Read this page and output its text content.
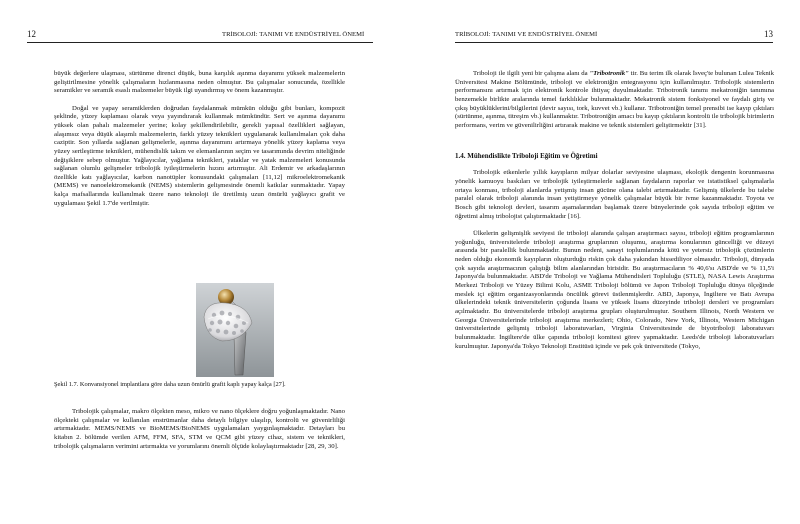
12	TRİBOLOJİ: TANIMI VE ENDÜSTRİYEL ÖNEMİ

büyük değerlere ulaşması, sürtünme direnci düşük, buna karşılık aşınma dayanımı yüksek malzemelerin geliştirilmesine yönelik çalışmaların hızlanmasına neden olmuştur. Bu çalışmalar sonucunda, özellikle seramikler ve seramik esaslı malzemeler büyük ilgi uyandırmış ve önem kazanmıştır.

Doğal ve yapay seramiklerden doğrudan faydalanmak mümkün olduğu gibi bunları, kompozit şeklinde, yüzey kaplaması olarak veya yayındırarak kullanmak mümkündür. Sert ve aşınma dayanımı yüksek olan pahalı malzemeler yerine; kolay şekillendirilebilir, gerekli yapısal özellikleri sağlayan, alaşımsız veya düşük alaşımlı malzemelerin, farklı yüzey teknikleri uygulanarak kullanılmaları çok daha caziptir. Son yıllarda sağlanan gelişmelerle, aşınma dayanımını artırmaya yönelik yüzey kaplama veya yüzey sertleştirme teknikleri, mühendislik takım ve elemanlarının seçim ve tasarımında devrim niteliğinde değişiklere sebep olmuştur. Yağlayıcılar, yağlama teknikleri, yataklar ve yatak malzemeleri konusunda sağlanan olumlu gelişmeler tribolojik iyileştirmelerin hızını artırmıştır. Ali Erdemir ve arkadaşlarının özellikle katı yağlayıcılar, karbon nanotüpler konusundaki çalışmaları [11,12] mikroelektromekanik (MEMS) ve nanoelektromekanik (NEMS) sistemlerin gelişmesinde önemli katkılar sunmaktadır. Yapay kalça mafsallarında kullanılmak üzere nano teknoloji ile üretilmiş uzun ömürlü yağlayıcı grafit ve uygulaması Şekil 1.7'de verilmiştir.

Şekil 1.7. Konvansiyonel implantlara göre daha uzun ömürlü grafit kaplı yapay kalça [27].

Tribolojik çalışmalar, makro ölçekten meso, mikro ve nano ölçeklere doğru yoğunlaşmaktadır. Nano ölçekteki çalışmalar ve kullanılan enstrümanlar daha detaylı bilgiye ulaşılıp, kontrolü ve güvenirliliği artırmaktadır. MEMS/NEMS ve BioMEMS/BioNEMS uygulamaları yaygınlaşmaktadır. Detayları bu kitabın 2. bölümde verilen AFM, FFM, SFA, STM ve QCM gibi yüzey cihaz, sistem ve teknikleri, tribolojik çalışmaların verimini artırmakta ve yorumlarını önemli ölçüde kolaylaştırmaktadır [28, 29, 30].

TRİBOLOJİ: TANIMI VE ENDÜSTRİYEL ÖNEMİ	13

Triboloji ile ilgili yeni bir çalışma alanı da "Tribotronik" tir. Bu terim ilk olarak İsveç'te bulunan Lulea Teknik Üniversitesi Makine Bölümünde, triboloji ve elektroniğin entegrasyonu için kullanılmıştır. Tribolojik sistemlerin performansını artırmak için elektronik kontrole ihtiyaç duyulmaktadır. Tribotronik tanımı mekatroniğin tanımına benzemekle birlikte aralarında temel farklılıklar bulunmaktadır. Mekatronik sistem fonksiyonel ve faydalı giriş ve çıkış büyüklüklerini/bilgilerini (devir sayısı, tork, kuvvet vb.) kullanır. Tribotroniğin temel prensibi ise kayıp çıktıları (sürtünme, aşınma, titreşim vb.) kullanmaktır. Tribotroniğin amacı bu kayıp çıktıların kontrolü ile tribolojik birimlerin performans, verim ve güvenilirliğini artırarak makine ve teknik sistemleri geliştirmektir [31].

1.4. Mühendislikte Triboloji Eğitim ve Öğretimi

Tribolojik etkenlerle yıllık kayıpların milyar dolarlar seviyesine ulaşması, ekolojik dengenin korunmasına yönelik kamuoyu baskıları ve tribolojik iyileştirmelerle sağlanan faydaların raporlar ve istatistiksel çalışmalarla ortaya konması, triboloji alanlarda yetişmiş insan gücüne olana talebi artırmaktadır. Gelişmiş ülkelerde bu talebe paralel olarak triboloji alanında insan yetiştirmeye yönelik çalışmalar büyük bir ivme kazanmaktadır. Toyota ve Bosch gibi teknoloji devleri, tasarım aşamalarından başlamak üzere bünyelerinde çok sayıda triboloji eğitim ve öğretimi almış tribolojist çalıştırmaktadır [16].

Ülkelerin gelişmişlik seviyesi ile triboloji alanında çalışan araştırmacı sayısı, triboloji eğitim programlarının yoğunluğu, üniversitelerde triboloji araştırma gruplarının oluşumu, araştırma konularının güncelliği ve düzeyi arasında bir paralellik bulunmaktadır. Bunun nedeni, sanayi toplumlarında kötü ve yetersiz tribolojik çözümlerin neden olduğu ekonomik kayıpların oluşturduğu riskin çok daha yakından hissediliyor olmasıdır. Triboloji, dünyada çok sayıda araştırmacının çalıştığı bilim alanlarından birisidir. Bu araştırmacıların % 40,6'sı ABD'de ve % 11,5'i Japonya'da bulunmaktadır. ABD'de Triboloji ve Yağlama Mühendisleri Topluluğu (STLE), NASA Lewis Araştırma Merkezi Triboloji ve Yüzey Bilimi Kolu, ASME Triboloji bölümü ve Japon Triboloji Topluluğu dünya ölçeğinde meslek içi eğitim organizasyonlarında öncülük görevi üstlenmişlerdir. ABD, Japonya, İngiltere ve Batı Avrupa ülkelerindeki teknik üniversitelerin çoğunda lisans ve yüksek lisans düzeyinde triboloji dersleri ve programları açılmaktadır. Bu üniversitelerde triboloji araştırma grupları oluşturulmuştur. Southern Illinois, North Western ve Georgia Üniversitelerinde triboloji araştırma merkezleri; Ohio, Colorado, New York, Illinois, Western Michigan üniversitelerinde gelişmiş triboloji laboratuvarları, Virginia Üniversitesinde de biyotriboloji laboratuvarı bulunmaktadır. İngiltere'de ülke çapında triboloji komitesi görev yapmaktadır. Leeds'de triboloji laboratuvarları kurulmuştur. Japonya'da Tokyo Teknoloji Enstitüsü içinde ve pek çok üniversitede (Tokyo,
